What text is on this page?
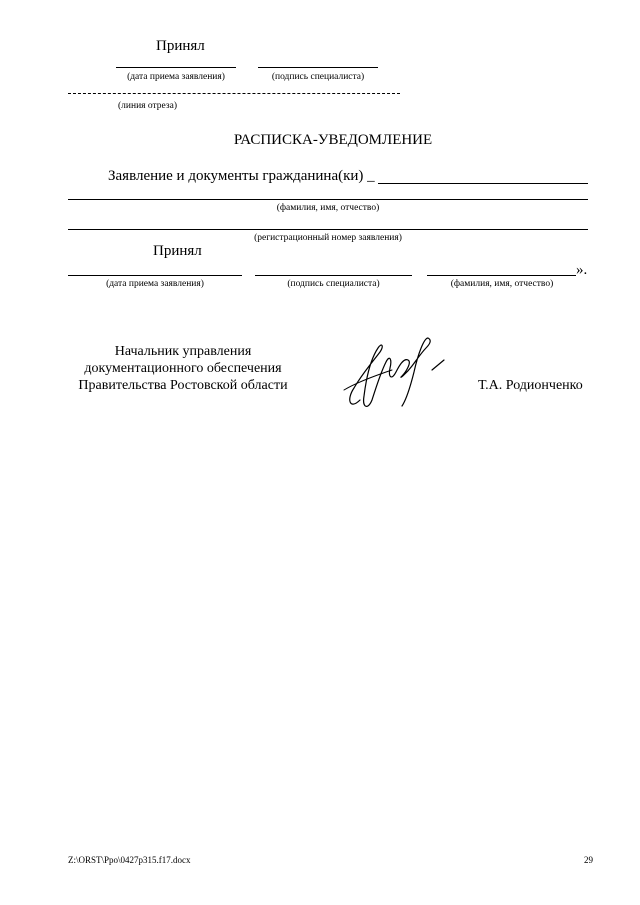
Принял
(дата приема заявления)	(подпись специалиста)
(линия отреза)
РАСПИСКА-УВЕДОМЛЕНИЕ
Заявление и документы гражданина(ки) _
(фамилия, имя, отчество)
(регистрационный номер заявления)
Принял
».
(дата приема заявления)	(подпись специалиста)	(фамилия, имя, отчество)
Начальник управления
документационного обеспечения
Правительства Ростовской области	Т.А. Родионченко
Z:\ORST\Ppo\0427p315.f17.docx	29
